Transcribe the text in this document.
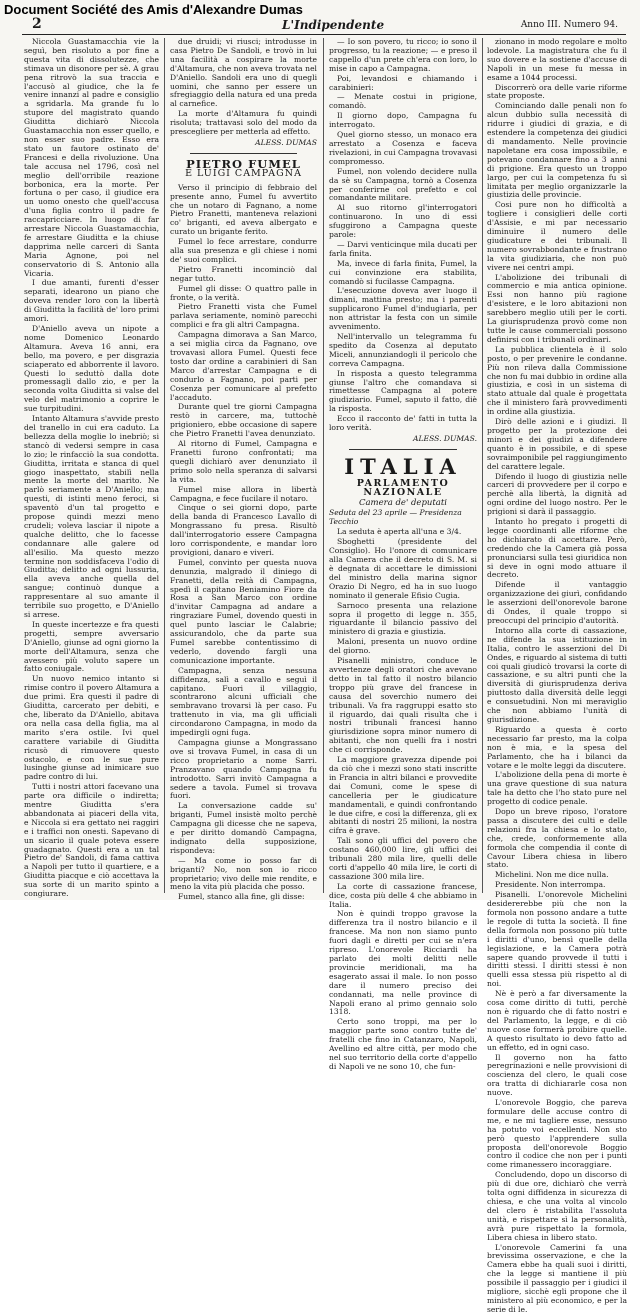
Document Société des Amis d'Alexandre Dumas
2	L'Indipendente	Anno III. Numero 94.

Niccola Guastamacchia vie la seguì, ben risoluto a por fine a questa vita di dissolutezze, che stimava un disonore per sè. A grau pena ritrovò la sua traccia e l'accusò al giudice, che la fe venire innanzi al padre e consiglio a sgridarla. Ma grande fu lo stupore del magistrato quando Giuditta dichiarò Niccola Guastamacchia non esser quello, e non esser suo padre. Esso era stato un fautore ostinato de' Francesi e della rivoluzione. Una tale accusa nel 1796, così nel meglio dell'orribile reazione borbonica, era la morte. Per fortuna o per caso, il giudice era un uomo onesto che quell'accusa d'una figlia contro il padre fe raccapricciare. In luogo di far arrestare Niccola Guastamacchia, fe arrestare Giuditta e la chiuse dapprima nelle carceri di Santa Maria Agnone, poi nel conservatorio di S. Antonio alla Vicaria.

I due amanti, furenti d'esser separati, idearono un piano che doveva render loro con la libertà di Giuditta la facilità de' loro primi amori.

D'Aniello aveva un nipote a nome Domenico Leonardo Altamura. Aveva 16 anni, era bello, ma povero, e per disgrazia sciaperato ed abborrente il lavoro. Questi lo seduttò dalla dote promessagli dallo zio, e per la seconda volta Giuditta si valse del velo del matrimonio a coprire le sue turpitudini.

Intanto Altamura s'avvide presto del tranello in cui era caduto. La bellezza della moglie lo inebriò; si stancò di vedersi sempre in casa lo zio; le rinfacciò la sua condotta. Giuditta, irritata e stanca di quel giogo inaspettato, stabilì nella mente la morte del marito. Ne parlò seriamente a D'Aniello; ma questi, di istinti meno feroci, si spaventò d'un tal progetto e propose quindi mezzi meno crudeli; voleva lasciar il nipote a qualche delitto, che lo facesse condannare alle galere od all'esilio. Ma questo mezzo termine non soddisfaceva l'odio di Giuditta; delitto ad ogni lussuria, ella aveva anche quella del sangue; continuò dunque a rappresentare al suo amante il terribile suo progetto, e D'Aniello si arrese.

In queste incertezze e fra questi progetti, sempre avversario D'Aniello, giunse ad ogni giorno la morte dell'Altamura, senza che avessero più voluto sapere un fatto coniugale.

Un nuovo nemico intanto si rimise contro il povero Altamura a due primi. Era questi il padre di Giuditta, carcerato per debiti, e che, liberato da D'Aniello, abitava ora nella casa della figlia, ma al marito s'era ostile. Ivi quel carattere variabile di Giuditta ricusò di rimuovere questo ostacolo, e con le sue pure lusinghe giunse ad inimicare suo padre contro di lui.

Tutti i nostri attori facevano una parte ora difficile o indiretta; mentre Giuditta s'era abbandonata ai piaceri della vita, e Niccola si era gettato nei raggiri e i traffici non onesti. Sapevano di un sicario il quale poteva essere guadagnato. Questi era a un tal Pietro de' Sandoli, di fama cattiva a Napoli per tutto il quartiere, e a Giuditta piacque e ciò accettava la sua sorte di un marito spinto a congiurare.

due druidi; vi riusci; introdusse in casa Pietro De Sandoli, e trovò in lui una facilità a cospirare la morte d'Altamura, che non aveva trovata nel D'Aniello. Sandoli era uno di quegli uomini, che sanno per essere un sfregiaggio della natura ed una preda al carnefice.

La morte d'Altamura fu quindi risoluta; trattavasi solo del modo da prescegliere per metterla ad effetto.

ALESS. DUMAS

PIETRO FUMEL
E LUIGI CAMPAGNA

Verso il principio di febbraio del presente anno, Fumel fu avvertito che un notaro di Fagnano, a nome Pietro Franetti, manteneva relazioni co' briganti, ed aveva albergato e curato un brigante ferito.

Fumel lo fece arrestare, condurre alla sua presenza e gli chiese i nomi de' suoi complici.

Pietro Franetti incominciò dal negar tutto.

Fumel gli disse: O quattro palle in fronte, o la verità.

Pietro Franetti vista che Fumel parlava seriamente, nominò parecchi complici e fra gli altri Campagna.

Campagna dimorava a San Marco, a sei miglia circa da Fagnano, ove trovavasi allora Fumel. Questi fece tosto dar ordine a carabinieri di San Marco d'arrestar Campagna e di condurlo a Fagnano, poi parti per Cosenza per comunicare al prefetto l'accaduto.

Durante quel tre giorni Campagna restò in carcere, ma, tuttochè prigioniero, ebbe occasione di sapere che Pietro Franetti l'avea denunziato.

Al ritorno di Fumel, Campagna e Franetti furono confrontati; ma quegli dichiarò aver denunziato il primo solo nella speranza di salvarsi la vita.

Fumel mise allora in libertà Campagna, e fece fucilare il notaro.

Cinque o sei giorni dopo, parte della banda di Francesco Lavallo di Mongrassano fu presa. Risultò dall'interrogatorio essere Campagna loro corrispondente, e mandar loro provigioni, danaro e viveri.

Fumel, convinto per questa nuova denunzia, malgrado il diniego di Franetti, della reità di Campagna, spedì il capitano Beniamino Fiore da Rosa a San Marco con ordine d'invitar Campagna ad andare a ringraziare Fumel, dovendo questi in quel punto lasciar le Calabrie; assicurandolo, che da parte sua Fumel sarebbe contentissimo di vederlo, dovendo fargli una comunicazione importante.

Campagna, senza nessuna diffidenza, salì a cavallo e seguì il capitano. Fuori il villaggio, scontrarono alcuni ufficiali che sembravano trovarsi là per caso. Fu trattenuto in via, ma gli ufficiali circondarono Campagna, in modo da impedirgli ogni fuga.

Campagna giunse a Mongrassano ove si trovava Fumel, in casa di un ricco proprietario a nome Sarri. Pranzavano quando Campagna fu introdotto. Sarri invitò Campagna a sedere a tavola. Fumel si trovava fuori.

La conversazione cadde su' briganti, Fumel insistè molto perchè Campagna gli dicesse che ne sapeva, e per diritto domandò Campagna, indignato della supposizione, rispondeva:

— Ma come io posso far di briganti? No, non son io ricco proprietario; vivo delle mie rendite, e meno la vita più placida che posso.

Fumel, stanco alla fine, gli disse:

— Io son povero, tu ricco; io sono il progresso, tu la reazione; — e preso il cappello d'un prete ch'era con loro, lo mise in capo a Campagna.

Poi, levandosi e chiamando i carabinieri:

— Menate costui in prigione, comandò.

Il giorno dopo, Campagna fu interrogato.

Quel giorno stesso, un monaco era arrestato a Cosenza e faceva rivelazioni, in cui Campagna trovavasi compromesso.

Fumel, non volendo decidere nulla da sè su Campagna, tornò a Cosenza per conferirne col prefetto e col comandante militare.

Al suo ritorno gl'interrogatori continuarono. In uno di essi sfuggirono a Campagna queste parole:

— Darvi venticinque mila ducati per farla finita.

Ma, invece di farla finita, Fumel, la cui convinzione era stabilita, comandò si fucilasse Campagna.

L'esecuzione doveva aver luogo il dimani, mattina presto; ma i parenti supplicarono Fumel d'indugiarla, per non attristar la festa con un simile avvenimento.

Nell'intervallo un telegramma fu spedito da Cosenza al deputato Miceli, annunziandogli il pericolo che correva Campagna.

In risposta a questo telegramma giunse l'altro che comandava si rimettesse Campagna al potere giudiziario. Fumel, saputo il fatto, diè la risposta.

Ecco il racconto de' fatti in tutta la loro verità.

ALESS. DUMAS.

ITALIA
PARLAMENTO NAZIONALE
Camera de' deputati
Seduta del 23 aprile — Presidenza Tecchio

La seduta è aperta all'una e 3/4.

Sboghetti (presidente del Consiglio). Ho l'onore di comunicare alla Camera che il decreto di S. M. si è degnata di accettare le dimissioni del ministro della marina signor Orazio Di Negro, ed ha in suo luogo nominato il generale Efisio Cugia.

Sarnoco presenta una relazione sopra il progetto di legge n. 355, riguardante il bilancio passivo del ministero di grazia e giustizia.

Maloni, presenta un nuovo ordine del giorno.

Pisanelli ministro, conduce le avvertenze degli oratori che avevano detto in tal fatto il nostro bilancio troppo più grave del francese in causa del soverchio numero dei tribunali. Va fra raggruppi esatto sto il riguardo, dai quali risulta che i nostri tribunali francesi hanno giurisdizione sopra minor numero di abitanti, che non quelli fra i nostri che ci corrisponde.

La maggiore gravezza dipende poi da ciò che i mezzi sono stati inscritte in Francia in altri bilanci e provvedite dai Comuni, come le spese di cancelleria per le giudicature mandamentali, e quindi confrontando le due cifre, e cosi la differenza, gli ex abitanti di nostri 25 milioni, la nostra cifra è grave.

Tali sono gli uffici del povero che costano 460,000 lire, gli uffici dei tribunali 280 mila lire, quelli delle corti d'appello 40 mila lire, le corti di cassazione 300 mila lire.

La corte di cassazione francese, dice, costa più delle 4 che abbiamo in Italia.

Non è quindi troppo gravose la differenza tra il nostro bilancio e il francese. Ma non non siamo punto fuori dagli e diretti per cui se n'era ripreso. L'onorevole Ricciardi ha parlato dei molti delitti nelle provincie meridionali, ma ha esagerato assai il male. Io non posso dare il numero preciso dei condannati, ma nelle province di Napoli erano al primo gennaio solo 1318.

Certo sono troppi, ma per lo maggior parte sono contro tutte de' fratelli che fino in Catanzaro, Napoli, Avellino ed altre città, per modo che nel suo territorio della corte d'appello di Napoli ve ne sono 10, che fun-

zionano in modo regolare e molto lodevole. La magistratura che fu il suo dovere e la sostiene d'accuse di Napoli in un mese fu messa in esame a 1044 processi.

Discorrerò ora delle varie riforme state proposte.

Cominciando dalle penali non fo alcun dubbio sulla necessità di ridurre i giudici di grazia, e di estendere la competenza dei giudici di mandamento. Nelle provincie napoletane era cosa impossibile, e potevano condannare fino a 3 anni di prigione. Era questo un troppo largo, per cui la competenza fu sì limitata per meglio organizzarle la giustizia delle provincie.

Cosi pure non ho difficoltà a togliere i consiglieri delle corti d'Assisie, e mi par necessario diminuire il numero delle giudicature e dei tribunali. Il numero sovrabbondante e frustrano la vita giudiziaria, che non può vivere nei centri ampi.

L'abolizione dei tribunali di commercio e mia antica opinione. Essi non hanno più ragione d'esistere, e le loro abitazioni non sarebbero meglio utili per le corti. La giurisprudenza provò come non tutte le cause commerciali possono definirsi con i tribunali ordinari.

La pubblica clientela è il solo posto, o per prevenire le condanne. Più non rileva dalla Commissione che non fu mai dubbio in ordine alla giustizia, e così in un sistema di stato attuale dal quale è progettata che il ministero farà provvedimenti in ordine alla giustizia.

Dirò delle azioni e i giudizi. Il progetto per la protezione dei minori e dei giudizi a difendere quanto è in possibile, e di spese sovraimponibile pel raggiungimento del carattere legale.

Difendo il luogo di giustizia nelle carceri di provvedere per il corpo e perchè alla libertà, la dignità ad ogni ordine del luogo nostro. Per le prigioni si darà il passaggio.

Intanto ho pregato i progetti di legge coordinanti alle riforme che ho dichiarato di accettare. Però, credendo che la Camera già possa pronunciarsi sulla tesi giuridica non si deve in ogni modo attuare il decreto.

Difende il vantaggio organizzazione dei giurì, confidando le asserzioni dell'onorevole barone di Ondes, il quale troppo si preoccupi del principio d'autorità.

Intorno alla corte di cassazione, ne difende la sua istituzione in Italia, contro le asserzioni del Di Ondes, e riguardo al sistema di tutti coi quali giudicò trovarsi la corte di cassazione, e su altri punti che la diversità di giurisprudenza deriva piuttosto dalla diversità delle leggi e consuetudini. Non mi meraviglio che non abbiamo l'unità di giurisdizione.

Riguardo a questa è corto necessario far presto, ma la colpa non è mia, e la spesa del Parlamento, che ha i bilanci da votare e le molte leggi da discutere.

L'abolizione della pena di morte è una grave questione di sua natura tale ha detto che l'ho stato pure nel progetto di codice penale.

Dopo un breve riposo, l'oratore passa a discutere dei culti e delle relazioni fra la chiesa e lo stato, che, crede, conformemente alla formola che compendia il conte di Cavour Libera chiesa in libero stato.

Michelini. Non me dice nulla.

Presidente. Non interrompa.

Pisanelli. L'onorevole Michelini desidererebbe più che non la formola non possono andare a tutte le regole di tutta la società. Il fine della formola non possono più tutte i diritti d'uno, bensì quelle della legislazione, e la Camera potrà sapere quando provvede il tutti i diritti stessi. I diritti stessi è non quelli essa stessa più rispetto al di noi.

Nè è però a far diversamente la cosa come diritto di tutti, perchè non è riguardo che di fatto nostri e del Parlamento, la legge, e di ciò nuove cose formerà proibire quelle. A questo risultato io devo fatto ad un effetto, ed in ogni caso.

Il governo non ha fatto peregrinazioni e nelle provvisioni di coscienza del clero, le quali cose ora tratta di dichiararle cosa non nuove.

L'onorevole Boggio, che pareva formulare delle accuse contro di me, e ne mi tagliere esse, nessuno ha potuto voi eccellenti. Non sto però questo l'apprendere sulla proposta dell'onorevole Boggio contro il codice che non per i punti come rimanessero incoraggiare.

Concludendo, dopo un discorso di più di due ore, dichiarò che verrà tolta ogni diffidenza in sicurezza di chiesa, e che una volta al vincolo del clero è ristabilita l'assoluta unità, e rispettare sì la personalità, avrà pure rispettato la formola, Libera chiesa in libero stato.

L'onorevole Camerini fa una brevissima osservazione, e che la Camera ebbe ha quali suoi i diritti, che la legge si mantiene il più possibile il passaggio per i giudici il migliore, sicchè egli propone che il ministero al più economico, e per la serie di le.
